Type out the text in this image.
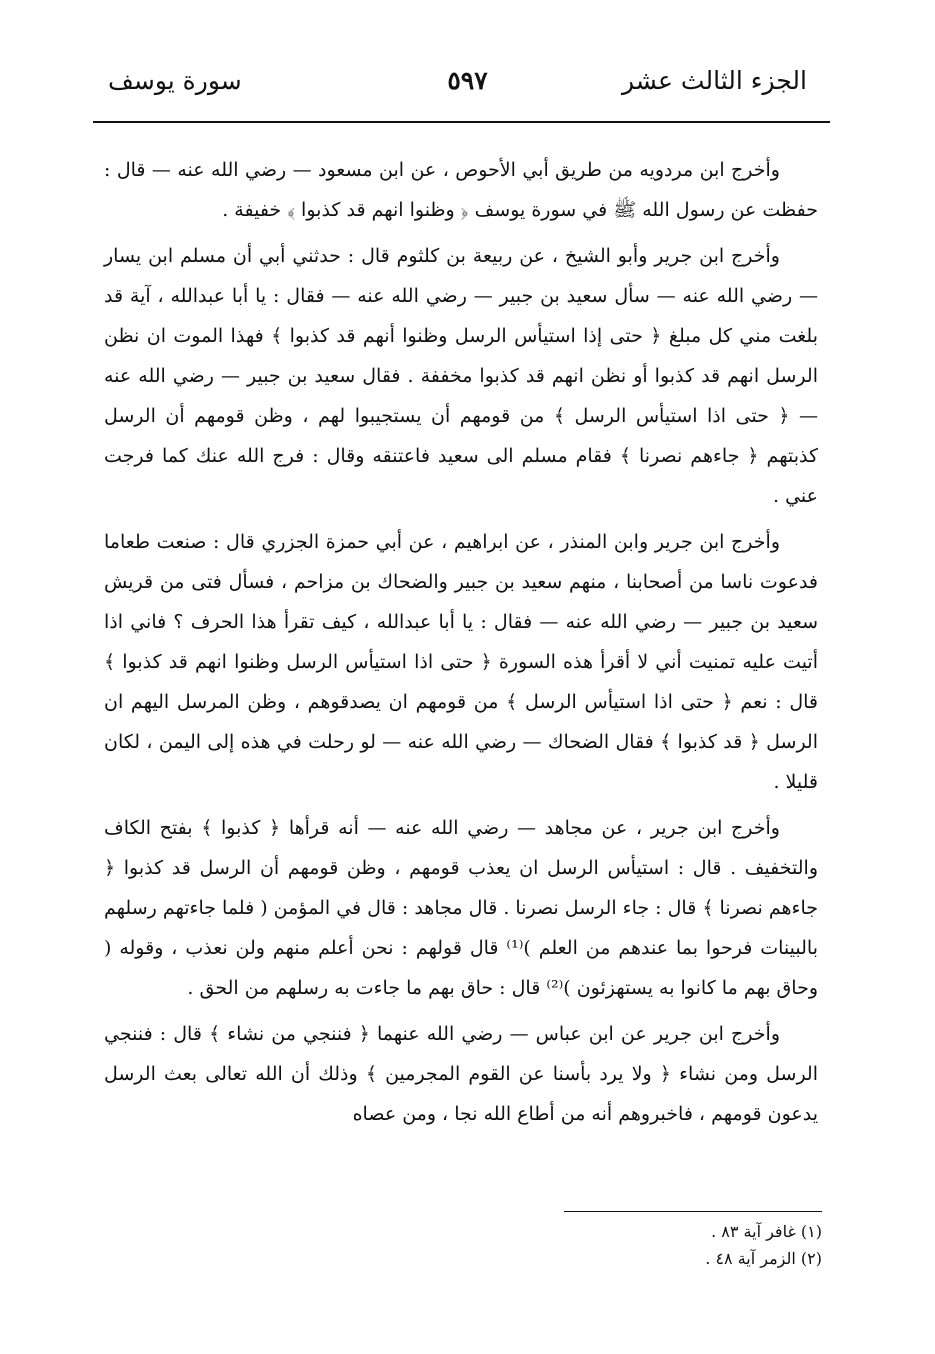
الجزء الثالث عشر
٥٩٧
سورة يوسف

وأخرج ابن مردويه من طريق أبي الأحوص ، عن ابن مسعود — رضي الله عنه — قال : حفظت عن رسول الله ﷺ في سورة يوسف ﴿ وظنوا انهم قد كذبوا ﴾ خفيفة .

وأخرج ابن جرير وأبو الشيخ ، عن ربيعة بن كلثوم قال : حدثني أبي أن مسلم ابن يسار — رضي الله عنه — سأل سعيد بن جبير — رضي الله عنه — فقال : يا أبا عبدالله ، آية قد بلغت مني كل مبلغ ﴿ حتى إذا استيأس الرسل وظنوا أنهم قد كذبوا ﴾ فهذا الموت ان نظن الرسل انهم قد كذبوا أو نظن انهم قد كذبوا مخففة . فقال سعيد بن جبير — رضي الله عنه — ﴿ حتى اذا استيأس الرسل ﴾ من قومهم أن يستجيبوا لهم ، وظن قومهم أن الرسل كذبتهم ﴿ جاءهم نصرنا ﴾ فقام مسلم الى سعيد فاعتنقه وقال : فرج الله عنك كما فرجت عني .

وأخرج ابن جرير وابن المنذر ، عن ابراهيم ، عن أبي حمزة الجزري قال : صنعت طعاما فدعوت ناسا من أصحابنا ، منهم سعيد بن جبير والضحاك بن مزاحم ، فسأل فتى من قريش سعيد بن جبير — رضي الله عنه — فقال : يا أبا عبدالله ، كيف تقرأ هذا الحرف ؟ فاني اذا أتيت عليه تمنيت أني لا أقرأ هذه السورة ﴿ حتى اذا استيأس الرسل وظنوا انهم قد كذبوا ﴾ قال : نعم ﴿ حتى اذا استيأس الرسل ﴾ من قومهم ان يصدقوهم ، وظن المرسل اليهم ان الرسل ﴿ قد كذبوا ﴾ فقال الضحاك — رضي الله عنه — لو رحلت في هذه إلى اليمن ، لكان قليلا .

وأخرج ابن جرير ، عن مجاهد — رضي الله عنه — أنه قرأها ﴿ كذبوا ﴾ بفتح الكاف والتخفيف . قال : استيأس الرسل ان يعذب قومهم ، وظن قومهم أن الرسل قد كذبوا ﴿ جاءهم نصرنا ﴾ قال : جاء الرسل نصرنا . قال مجاهد : قال في المؤمن ( فلما جاءتهم رسلهم بالبينات فرحوا بما عندهم من العلم )⁽¹⁾ قال قولهم : نحن أعلم منهم ولن نعذب ، وقوله ( وحاق بهم ما كانوا به يستهزئون )⁽²⁾ قال : حاق بهم ما جاءت به رسلهم من الحق .

وأخرج ابن جرير عن ابن عباس — رضي الله عنهما ﴿ فننجي من نشاء ﴾ قال : فننجي الرسل ومن نشاء ﴿ ولا يرد بأسنا عن القوم المجرمين ﴾ وذلك أن الله تعالى بعث الرسل يدعون قومهم ، فاخبروهم أنه من أطاع الله نجا ، ومن عصاه

(١) غافر آية ٨٣ .
(٢) الزمر آية ٤٨ .
